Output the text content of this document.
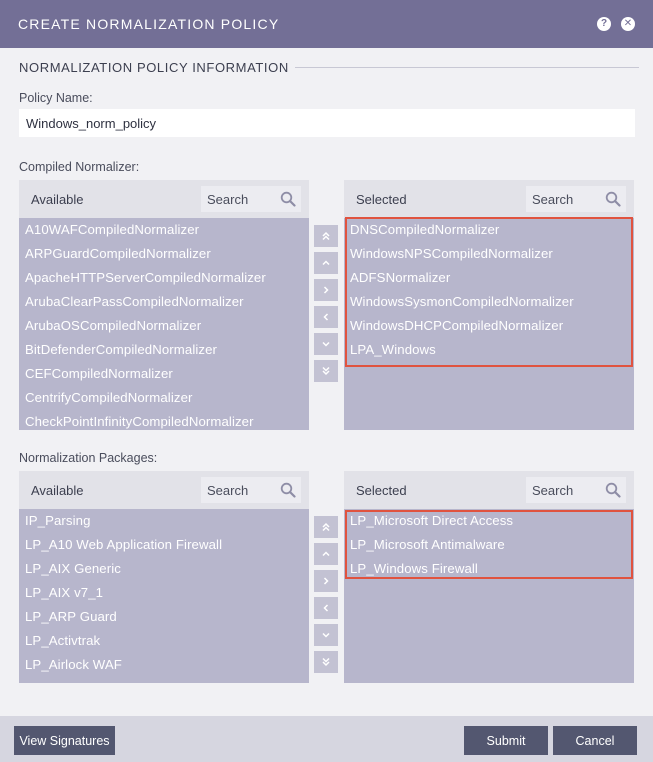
CREATE NORMALIZATION POLICY	?	✕
NORMALIZATION POLICY INFORMATION
Policy Name:
Windows_norm_policy
Compiled Normalizer:
Available
Search
A10WAFCompiledNormalizer
ARPGuardCompiledNormalizer
ApacheHTTPServerCompiledNormalizer
ArubaClearPassCompiledNormalizer
ArubaOSCompiledNormalizer
BitDefenderCompiledNormalizer
CEFCompiledNormalizer
CentrifyCompiledNormalizer
CheckPointInfinityCompiledNormalizer
Selected
Search
DNSCompiledNormalizer
WindowsNPSCompiledNormalizer
ADFSNormalizer
WindowsSysmonCompiledNormalizer
WindowsDHCPCompiledNormalizer
LPA_Windows
Normalization Packages:
Available
Search
IP_Parsing
LP_A10 Web Application Firewall
LP_AIX Generic
LP_AIX v7_1
LP_ARP Guard
LP_Activtrak
LP_Airlock WAF
Selected
Search
LP_Microsoft Direct Access
LP_Microsoft Antimalware
LP_Windows Firewall
View Signatures	Submit	Cancel
